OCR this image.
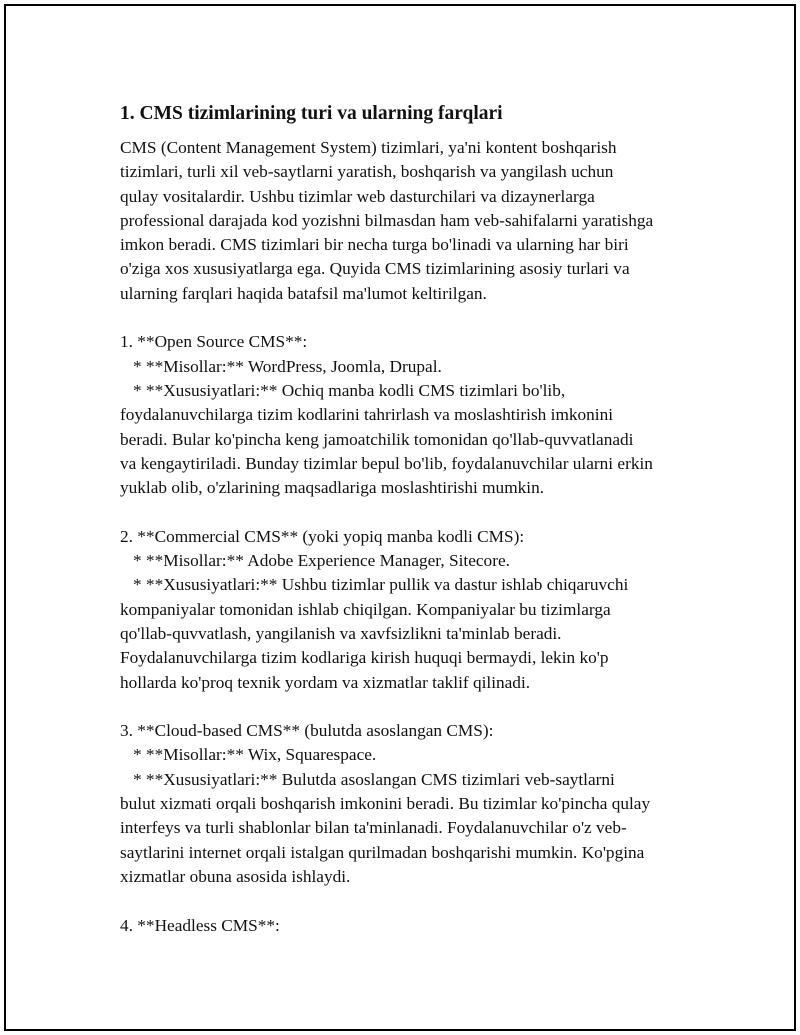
1. CMS tizimlarining turi va ularning farqlari
CMS (Content Management System) tizimlari, ya'ni kontent boshqarish
tizimlari, turli xil veb-saytlarni yaratish, boshqarish va yangilash uchun
qulay vositalardir. Ushbu tizimlar web dasturchilari va dizaynerlarga
professional darajada kod yozishni bilmasdan ham veb-sahifalarni yaratishga
imkon beradi. CMS tizimlari bir necha turga bo'linadi va ularning har biri
o'ziga xos xususiyatlarga ega. Quyida CMS tizimlarining asosiy turlari va
ularning farqlari haqida batafsil ma'lumot keltirilgan.
1. **Open Source CMS**:
* **Misollar:** WordPress, Joomla, Drupal.
* **Xususiyatlari:** Ochiq manba kodli CMS tizimlari bo'lib,
foydalanuvchilarga tizim kodlarini tahrirlash va moslashtirish imkonini
beradi. Bular ko'pincha keng jamoatchilik tomonidan qo'llab-quvvatlanadi
va kengaytiriladi. Bunday tizimlar bepul bo'lib, foydalanuvchilar ularni erkin
yuklab olib, o'zlarining maqsadlariga moslashtirishi mumkin.
2. **Commercial CMS** (yoki yopiq manba kodli CMS):
* **Misollar:** Adobe Experience Manager, Sitecore.
* **Xususiyatlari:** Ushbu tizimlar pullik va dastur ishlab chiqaruvchi
kompaniyalar tomonidan ishlab chiqilgan. Kompaniyalar bu tizimlarga
qo'llab-quvvatlash, yangilanish va xavfsizlikni ta'minlab beradi.
Foydalanuvchilarga tizim kodlariga kirish huquqi bermaydi, lekin ko'p
hollarda ko'proq texnik yordam va xizmatlar taklif qilinadi.
3. **Cloud-based CMS** (bulutda asoslangan CMS):
* **Misollar:** Wix, Squarespace.
* **Xususiyatlari:** Bulutda asoslangan CMS tizimlari veb-saytlarni
bulut xizmati orqali boshqarish imkonini beradi. Bu tizimlar ko'pincha qulay
interfeys va turli shablonlar bilan ta'minlanadi. Foydalanuvchilar o'z veb-
saytlarini internet orqali istalgan qurilmadan boshqarishi mumkin. Ko'pgina
xizmatlar obuna asosida ishlaydi.
4. **Headless CMS**:
